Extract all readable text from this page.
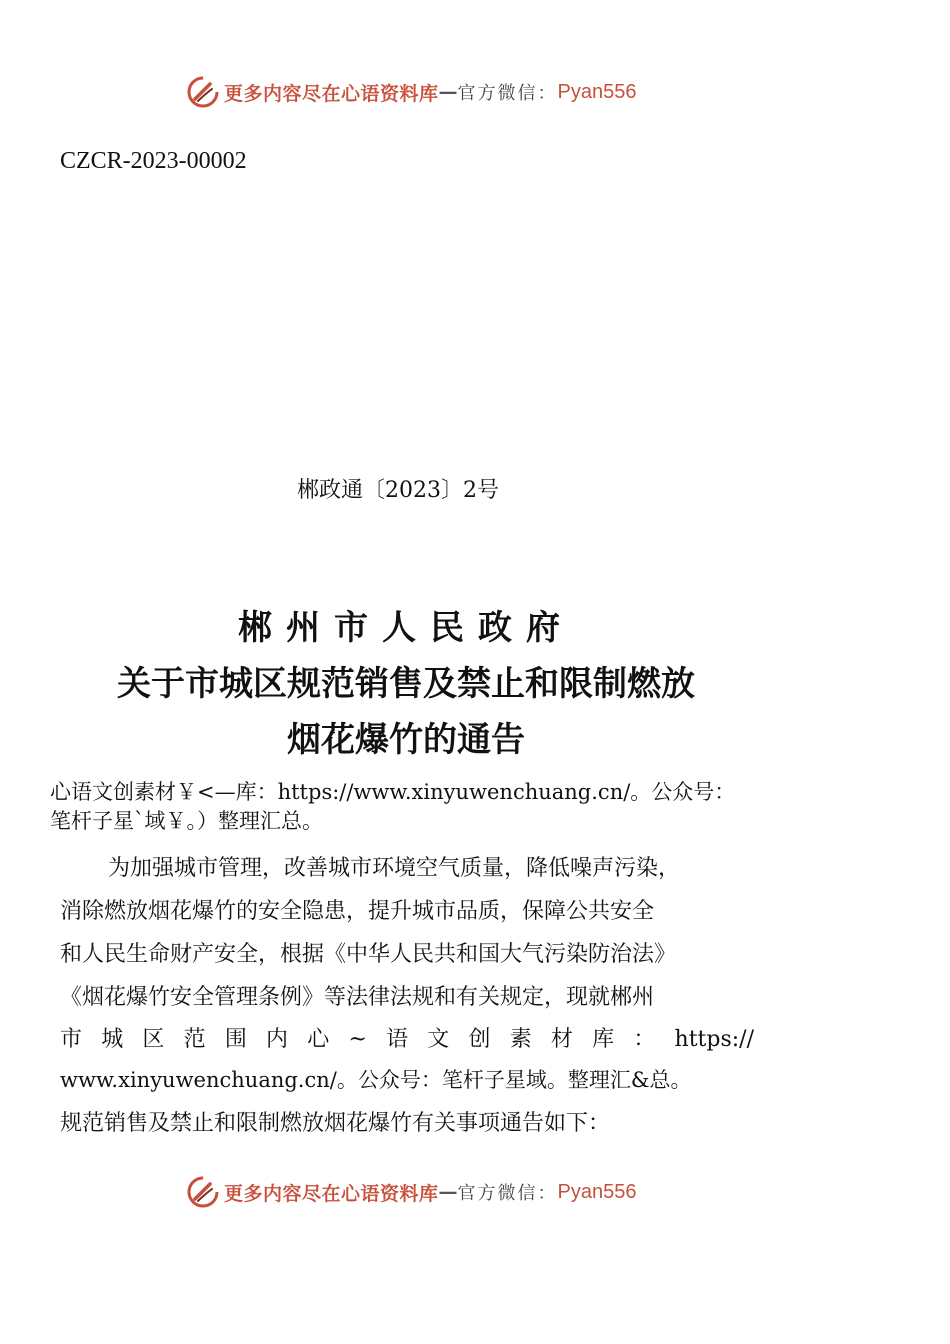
更多内容尽在心语资料库 — 官方微信： Pyan556
CZCR-2023-00002
郴政通〔2023〕2号
郴州市人民政府
关于市城区规范销售及禁止和限制燃放
烟花爆竹的通告
心语文创素材￥<—库：https://www.xinyuwenchuang.cn/。公众号：
笔杆子星`域￥。）整理汇总。
为加强城市管理，改善城市环境空气质量，降低噪声污染，
消除燃放烟花爆竹的安全隐患，提升城市品质，保障公共安全
和人民生命财产安全，根据《中华人民共和国大气污染防治法》
《烟花爆竹安全管理条例》等法律法规和有关规定，现就郴州
市城区范围内心~语文创素材库：https://
www.xinyuwenchuang.cn/。公众号：笔杆子星域。整理汇&总。
规范销售及禁止和限制燃放烟花爆竹有关事项通告如下：
更多内容尽在心语资料库 — 官方微信： Pyan556
